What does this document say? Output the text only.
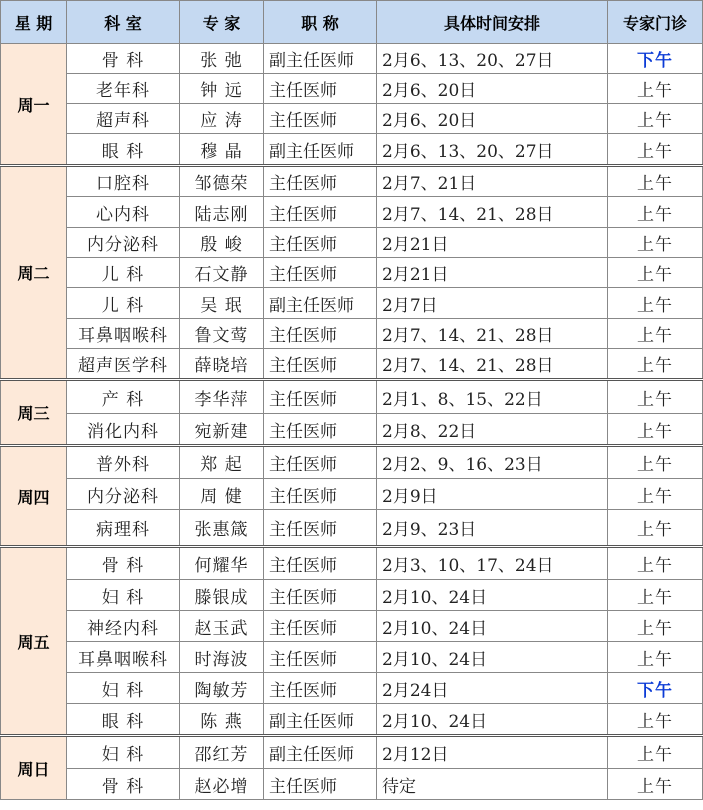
星 期	科 室	专 家	职 称	具体时间安排	专家门诊
周一	骨 科	张 弛	副主任医师	2月6、13、20、27日	下午
	老年科	钟 远	主任医师	2月6、20日	上午
	超声科	应 涛	主任医师	2月6、20日	上午
	眼 科	穆 晶	副主任医师	2月6、13、20、27日	上午
周二	口腔科	邹德荣	主任医师	2月7、21日	上午
	心内科	陆志刚	主任医师	2月7、14、21、28日	上午
	内分泌科	殷 峻	主任医师	2月21日	上午
	儿 科	石文静	主任医师	2月21日	上午
	儿 科	吴 珉	副主任医师	2月7日	上午
	耳鼻咽喉科	鲁文莺	主任医师	2月7、14、21、28日	上午
	超声医学科	薛晓培	主任医师	2月7、14、21、28日	上午
周三	产 科	李华萍	主任医师	2月1、8、15、22日	上午
	消化内科	宛新建	主任医师	2月8、22日	上午
周四	普外科	郑 起	主任医师	2月2、9、16、23日	上午
	内分泌科	周 健	主任医师	2月9日	上午
	病理科	张惠箴	主任医师	2月9、23日	上午
周五	骨 科	何耀华	主任医师	2月3、10、17、24日	上午
	妇 科	滕银成	主任医师	2月10、24日	上午
	神经内科	赵玉武	主任医师	2月10、24日	上午
	耳鼻咽喉科	时海波	主任医师	2月10、24日	上午
	妇 科	陶敏芳	主任医师	2月24日	下午
	眼 科	陈 燕	副主任医师	2月10、24日	上午
周日	妇 科	邵红芳	副主任医师	2月12日	上午
	骨 科	赵必增	主任医师	待定	上午
